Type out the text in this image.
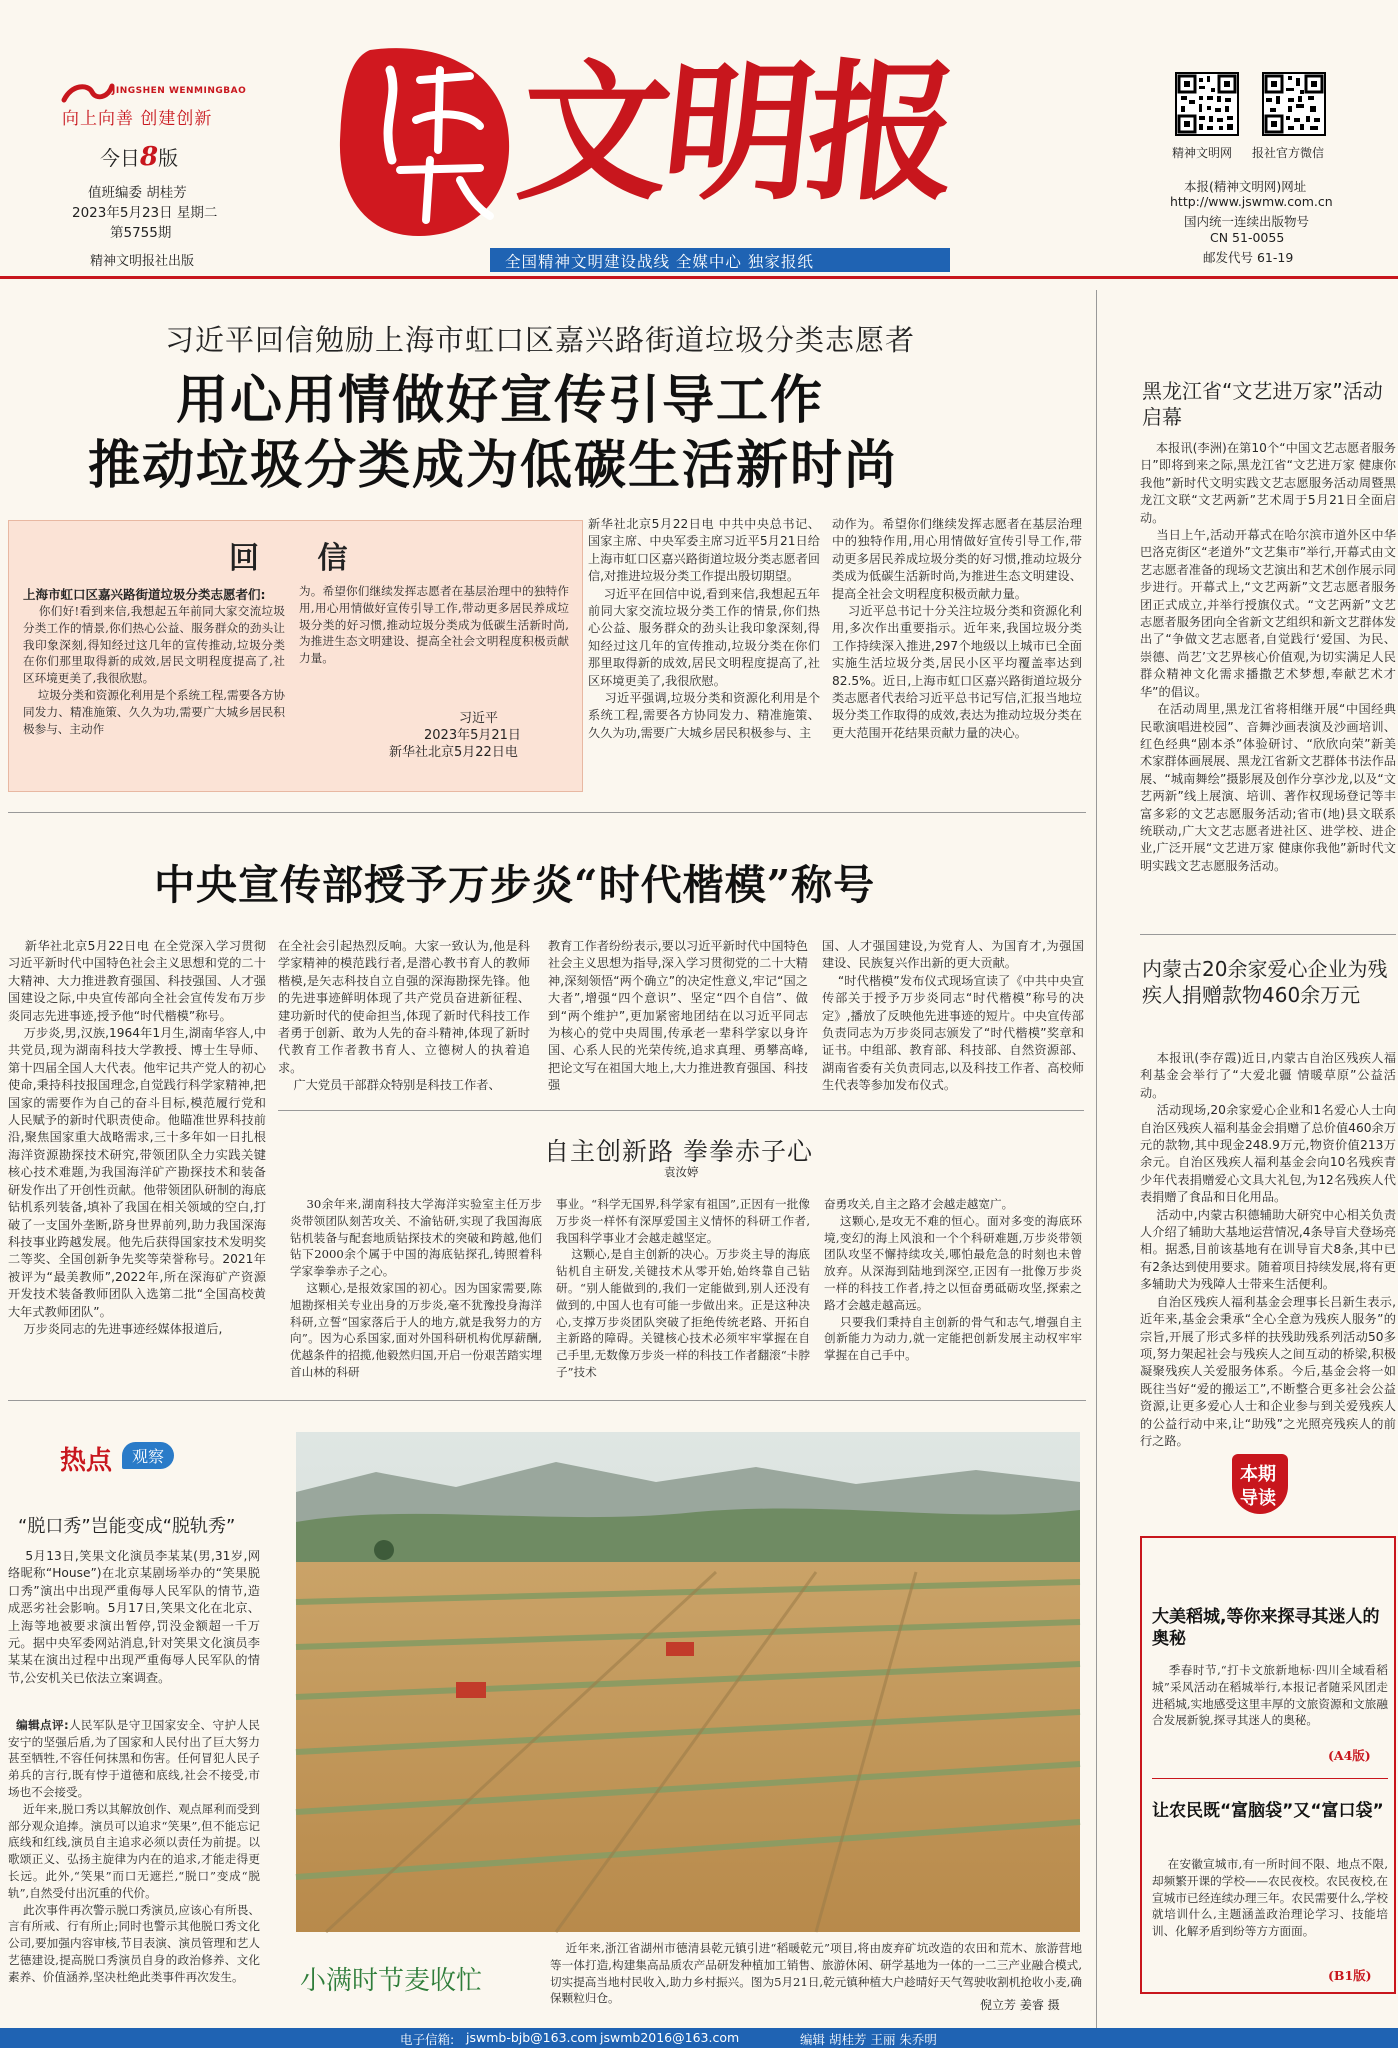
JINGSHEN WENMINGBAO
向上向善 创建创新
今日8版
值班编委 胡桂芳
2023年5月23日 星期二
第5755期
精神文明报社出版
文明报	精神文明网 报社官方微信
本报(精神文明网)网址
http://www.jswmw.com.cn
国内统一连续出版物号
CN 51-0055
邮发代号 61-19
全国精神文明建设战线 全媒中心 独家报纸
习近平回信勉励上海市虹口区嘉兴路街道垃圾分类志愿者
用心用情做好宣传引导工作
推动垃圾分类成为低碳生活新时尚
回 信
上海市虹口区嘉兴路街道垃圾分类志愿者们:
你们好!看到来信,我想起五年前同大家交流垃圾分类工作的情景,你们热心公益、服务群众的劲头让我印象深刻,得知经过这几年的宣传推动,垃圾分类在你们那里取得新的成效,居民文明程度提高了,社区环境更美了,我很欣慰。
垃圾分类和资源化利用是个系统工程,需要各方协同发力、精准施策、久久为功,需要广大城乡居民积极参与、主动作
为。希望你们继续发挥志愿者在基层治理中的独特作用,用心用情做好宣传引导工作,带动更多居民养成垃圾分类的好习惯,推动垃圾分类成为低碳生活新时尚,为推进生态文明建设、提高全社会文明程度积极贡献力量。
习近平
2023年5月21日
新华社北京5月22日电
新华社北京5月22日电 中共中央总书记、国家主席、中央军委主席习近平5月21日给上海市虹口区嘉兴路街道垃圾分类志愿者回信,对推进垃圾分类工作提出殷切期望。
习近平在回信中说,看到来信,我想起五年前同大家交流垃圾分类工作的情景,你们热心公益、服务群众的劲头让我印象深刻,得知经过这几年的宣传推动,垃圾分类在你们那里取得新的成效,居民文明程度提高了,社区环境更美了,我很欣慰。
习近平强调,垃圾分类和资源化利用是个系统工程,需要各方协同发力、精准施策、久久为功,需要广大城乡居民积极参与、主
动作为。希望你们继续发挥志愿者在基层治理中的独特作用,用心用情做好宣传引导工作,带动更多居民养成垃圾分类的好习惯,推动垃圾分类成为低碳生活新时尚,为推进生态文明建设、提高全社会文明程度积极贡献力量。
习近平总书记十分关注垃圾分类和资源化利用,多次作出重要指示。近年来,我国垃圾分类工作持续深入推进,297个地级以上城市已全面实施生活垃圾分类,居民小区平均覆盖率达到82.5%。近日,上海市虹口区嘉兴路街道垃圾分类志愿者代表给习近平总书记写信,汇报当地垃圾分类工作取得的成效,表达为推动垃圾分类在更大范围开花结果贡献力量的决心。
中央宣传部授予万步炎“时代楷模”称号
新华社北京5月22日电 在全党深入学习贯彻习近平新时代中国特色社会主义思想和党的二十大精神、大力推进教育强国、科技强国、人才强国建设之际,中央宣传部向全社会宣传发布万步炎同志先进事迹,授予他“时代楷模”称号。
万步炎,男,汉族,1964年1月生,湖南华容人,中共党员,现为湖南科技大学教授、博士生导师、第十四届全国人大代表。他牢记共产党人的初心使命,秉持科技报国理念,自觉践行科学家精神,把国家的需要作为自己的奋斗目标,模范履行党和人民赋予的新时代职责使命。他瞄准世界科技前沿,聚焦国家重大战略需求,三十多年如一日扎根海洋资源勘探技术研究,带领团队全力实践关键核心技术难题,为我国海洋矿产勘探技术和装备研发作出了开创性贡献。他带领团队研制的海底钻机系列装备,填补了我国在相关领域的空白,打破了一支国外垄断,跻身世界前列,助力我国深海科技事业跨越发展。他先后获得国家技术发明奖二等奖、全国创新争先奖等荣誉称号。2021年被评为“最美教师”,2022年,所在深海矿产资源开发技术装备教师团队入选第二批“全国高校黄大年式教师团队”。
万步炎同志的先进事迹经媒体报道后,
在全社会引起热烈反响。大家一致认为,他是科学家精神的模范践行者,是潜心教书育人的教师楷模,是矢志科技自立自强的深海勘探先锋。他的先进事迹鲜明体现了共产党员奋进新征程、建功新时代的使命担当,体现了新时代科技工作者勇于创新、敢为人先的奋斗精神,体现了新时代教育工作者教书育人、立德树人的执着追求。
广大党员干部群众特别是科技工作者、
教育工作者纷纷表示,要以习近平新时代中国特色社会主义思想为指导,深入学习贯彻党的二十大精神,深刻领悟“两个确立”的决定性意义,牢记“国之大者”,增强“四个意识”、坚定“四个自信”、做到“两个维护”,更加紧密地团结在以习近平同志为核心的党中央周围,传承老一辈科学家以身许国、心系人民的光荣传统,追求真理、勇攀高峰,把论文写在祖国大地上,大力推进教育强国、科技强
国、人才强国建设,为党育人、为国育才,为强国建设、民族复兴作出新的更大贡献。
“时代楷模”发布仪式现场宣读了《中共中央宣传部关于授予万步炎同志“时代楷模”称号的决定》,播放了反映他先进事迹的短片。中央宣传部负责同志为万步炎同志颁发了“时代楷模”奖章和证书。中组部、教育部、科技部、自然资源部、湖南省委有关负责同志,以及科技工作者、高校师生代表等参加发布仪式。
自主创新路 拳拳赤子心
袁汝婷
30余年来,湖南科技大学海洋实验室主任万步炎带领团队刻苦攻关、不渝钻研,实现了我国海底钻机装备与配套地质钻探技术的突破和跨越,他们钻下2000余个属于中国的海底钻探孔,铸照着科学家拳拳赤子之心。
这颗心,是报效家国的初心。因为国家需要,陈旭勘探相关专业出身的万步炎,毫不犹豫投身海洋科研,立誓“国家落后于人的地方,就是我努力的方向”。因为心系国家,面对外国科研机构优厚薪酬,优越条件的招揽,他毅然归国,开启一份艰苦踏实埋首山林的科研
事业。“科学无国界,科学家有祖国”,正因有一批像万步炎一样怀有深厚爱国主义情怀的科研工作者,我国科学事业才会越走越坚定。
这颗心,是自主创新的决心。万步炎主导的海底钻机自主研发,关键技术从零开始,始终靠自己钻研。“别人能做到的,我们一定能做到,别人还没有做到的,中国人也有可能一步做出来。正是这种决心,支撑万步炎团队突破了拒绝传统老路、开拓自主新路的障碍。关键核心技术必须牢牢掌握在自己手里,无数像万步炎一样的科技工作者翻滚“卡脖子”技术
奋勇攻关,自主之路才会越走越宽广。
这颗心,是攻无不难的恒心。面对多变的海底环境,变幻的海上风浪和一个个科研难题,万步炎带领团队攻坚不懈持续攻关,哪怕最危急的时刻也未曾放弃。从深海到陆地到深空,正因有一批像万步炎一样的科技工作者,持之以恒奋勇砥砺攻坚,探索之路才会越走越高远。
只要我们秉持自主创新的骨气和志气,增强自主创新能力为动力,就一定能把创新发展主动权牢牢掌握在自己手中。
热点	观察
“脱口秀”岂能变成“脱轨秀”
5月13日,笑果文化演员李某某(男,31岁,网络昵称“House”)在北京某剧场举办的“笑果脱口秀”演出中出现严重侮辱人民军队的情节,造成恶劣社会影响。5月17日,笑果文化在北京、上海等地被要求演出暂停,罚没金额超一千万元。据中央军委网站消息,针对笑果文化演员李某某在演出过程中出现严重侮辱人民军队的情节,公安机关已依法立案调查。

编辑点评:人民军队是守卫国家安全、守护人民安宁的坚强后盾,为了国家和人民付出了巨大努力甚至牺牲,不容任何抹黑和伤害。任何冒犯人民子弟兵的言行,既有悖于道德和底线,社会不接受,市场也不会接受。
近年来,脱口秀以其解放创作、观点犀利而受到部分观众追捧。演员可以追求“笑果”,但不能忘记底线和红线,演员自主追求必须以责任为前提。以歌颂正义、弘扬主旋律为内在的追求,才能走得更长远。此外,“笑果”而口无遮拦,“脱口”变成“脱轨”,自然受付出沉重的代价。
此次事件再次警示脱口秀演员,应该心有所畏、言有所戒、行有所止;同时也警示其他脱口秀文化公司,要加强内容审核,节目表演、演员管理和艺人艺德建设,提高脱口秀演员自身的政治修养、文化素养、价值涵养,坚决杜绝此类事件再次发生。	小满时节麦收忙
近年来,浙江省湖州市德清县乾元镇引进“稻暖乾元”项目,将由废弃矿坑改造的农田和荒木、旅游营地等一体打造,构建集高品质农产品研发种植加工销售、旅游休闲、研学基地为一体的一二三产业融合模式,切实提高当地村民收入,助力乡村振兴。图为5月21日,乾元镇种植大户趁晴好天气驾驶收割机抢收小麦,确保颗粒归仓。	倪立芳 姜睿 摄
黑龙江省“文艺进万家”活动启幕
本报讯(李洲)在第10个“中国文艺志愿者服务日”即将到来之际,黑龙江省“文艺进万家 健康你我他”新时代文明实践文艺志愿服务活动周暨黑龙江文联“文艺两新”艺术周于5月21日全面启动。
当日上午,活动开幕式在哈尔滨市道外区中华巴洛克街区“老道外”文艺集市”举行,开幕式由文艺志愿者准备的现场文艺演出和艺术创作展示同步进行。开幕式上,“文艺两新”文艺志愿者服务团正式成立,并举行授旗仪式。“文艺两新”文艺志愿者服务团向全省新文艺组织和新文艺群体发出了“争做文艺志愿者,自觉践行‘爱国、为民、崇德、尚艺’文艺界核心价值观,为切实满足人民群众精神文化需求播撒艺术梦想,奉献艺术才华”的倡议。
在活动周里,黑龙江省将相继开展“中国经典民歌演唱进校园”、音舞沙画表演及沙画培训、红色经典“剧本杀”体验研讨、“欣欣向荣”新美术家群体画展展、黑龙江省新文艺群体书法作品展、“城南舞绘”摄影展及创作分享沙龙,以及“文艺两新”线上展演、培训、著作权现场登记等丰富多彩的文艺志愿服务活动;省市(地)县文联系统联动,广大文艺志愿者进社区、进学校、进企业,广泛开展“文艺进万家 健康你我他”新时代文明实践文艺志愿服务活动。
内蒙古20余家爱心企业为残疾人捐赠款物460余万元
本报讯(李存霞)近日,内蒙古自治区残疾人福利基金会举行了“大爱北疆 情暖草原”公益活动。
活动现场,20余家爱心企业和1名爱心人士向自治区残疾人福利基金会捐赠了总价值460余万元的款物,其中现金248.9万元,物资价值213万余元。自治区残疾人福利基金会向10名残疾青少年代表捐赠爱心文具大礼包,为12名残疾人代表捐赠了食品和日化用品。
活动中,内蒙古积德辅助大研究中心相关负责人介绍了辅助大基地运营情况,4条导盲犬登场亮相。据悉,目前该基地有在训导盲犬8条,其中已有2条达到使用要求。随着项目持续发展,将有更多辅助犬为残障人士带来生活便利。
自治区残疾人福利基金会理事长吕新生表示,近年来,基金会秉承“全心全意为残疾人服务”的宗旨,开展了形式多样的扶残助残系列活动50多项,努力架起社会与残疾人之间互动的桥梁,积极凝聚残疾人关爱服务体系。今后,基金会将一如既往当好“爱的搬运工”,不断整合更多社会公益资源,让更多爱心人士和企业参与到关爱残疾人的公益行动中来,让“助残”之光照亮残疾人的前行之路。
本期
导读
大美稻城,等你来探寻其迷人的奥秘
季春时节,“打卡文旅新地标·四川全域看稻城”采风活动在稻城举行,本报记者随采风团走进稻城,实地感受这里丰厚的文旅资源和文旅融合发展新貌,探寻其迷人的奥秘。
(A4版)
让农民既“富脑袋”又“富口袋”
在安徽宣城市,有一所时间不限、地点不限,却频繁开课的学校——农民夜校。农民夜校,在宣城市已经连续办理三年。农民需要什么,学校就培训什么,主题涵盖政治理论学习、技能培训、化解矛盾到纷等方方面面。
(B1版)
电子信箱: jswmb-bjb@163.com jswmb2016@163.com	编辑 胡桂芳 王丽 朱乔明
